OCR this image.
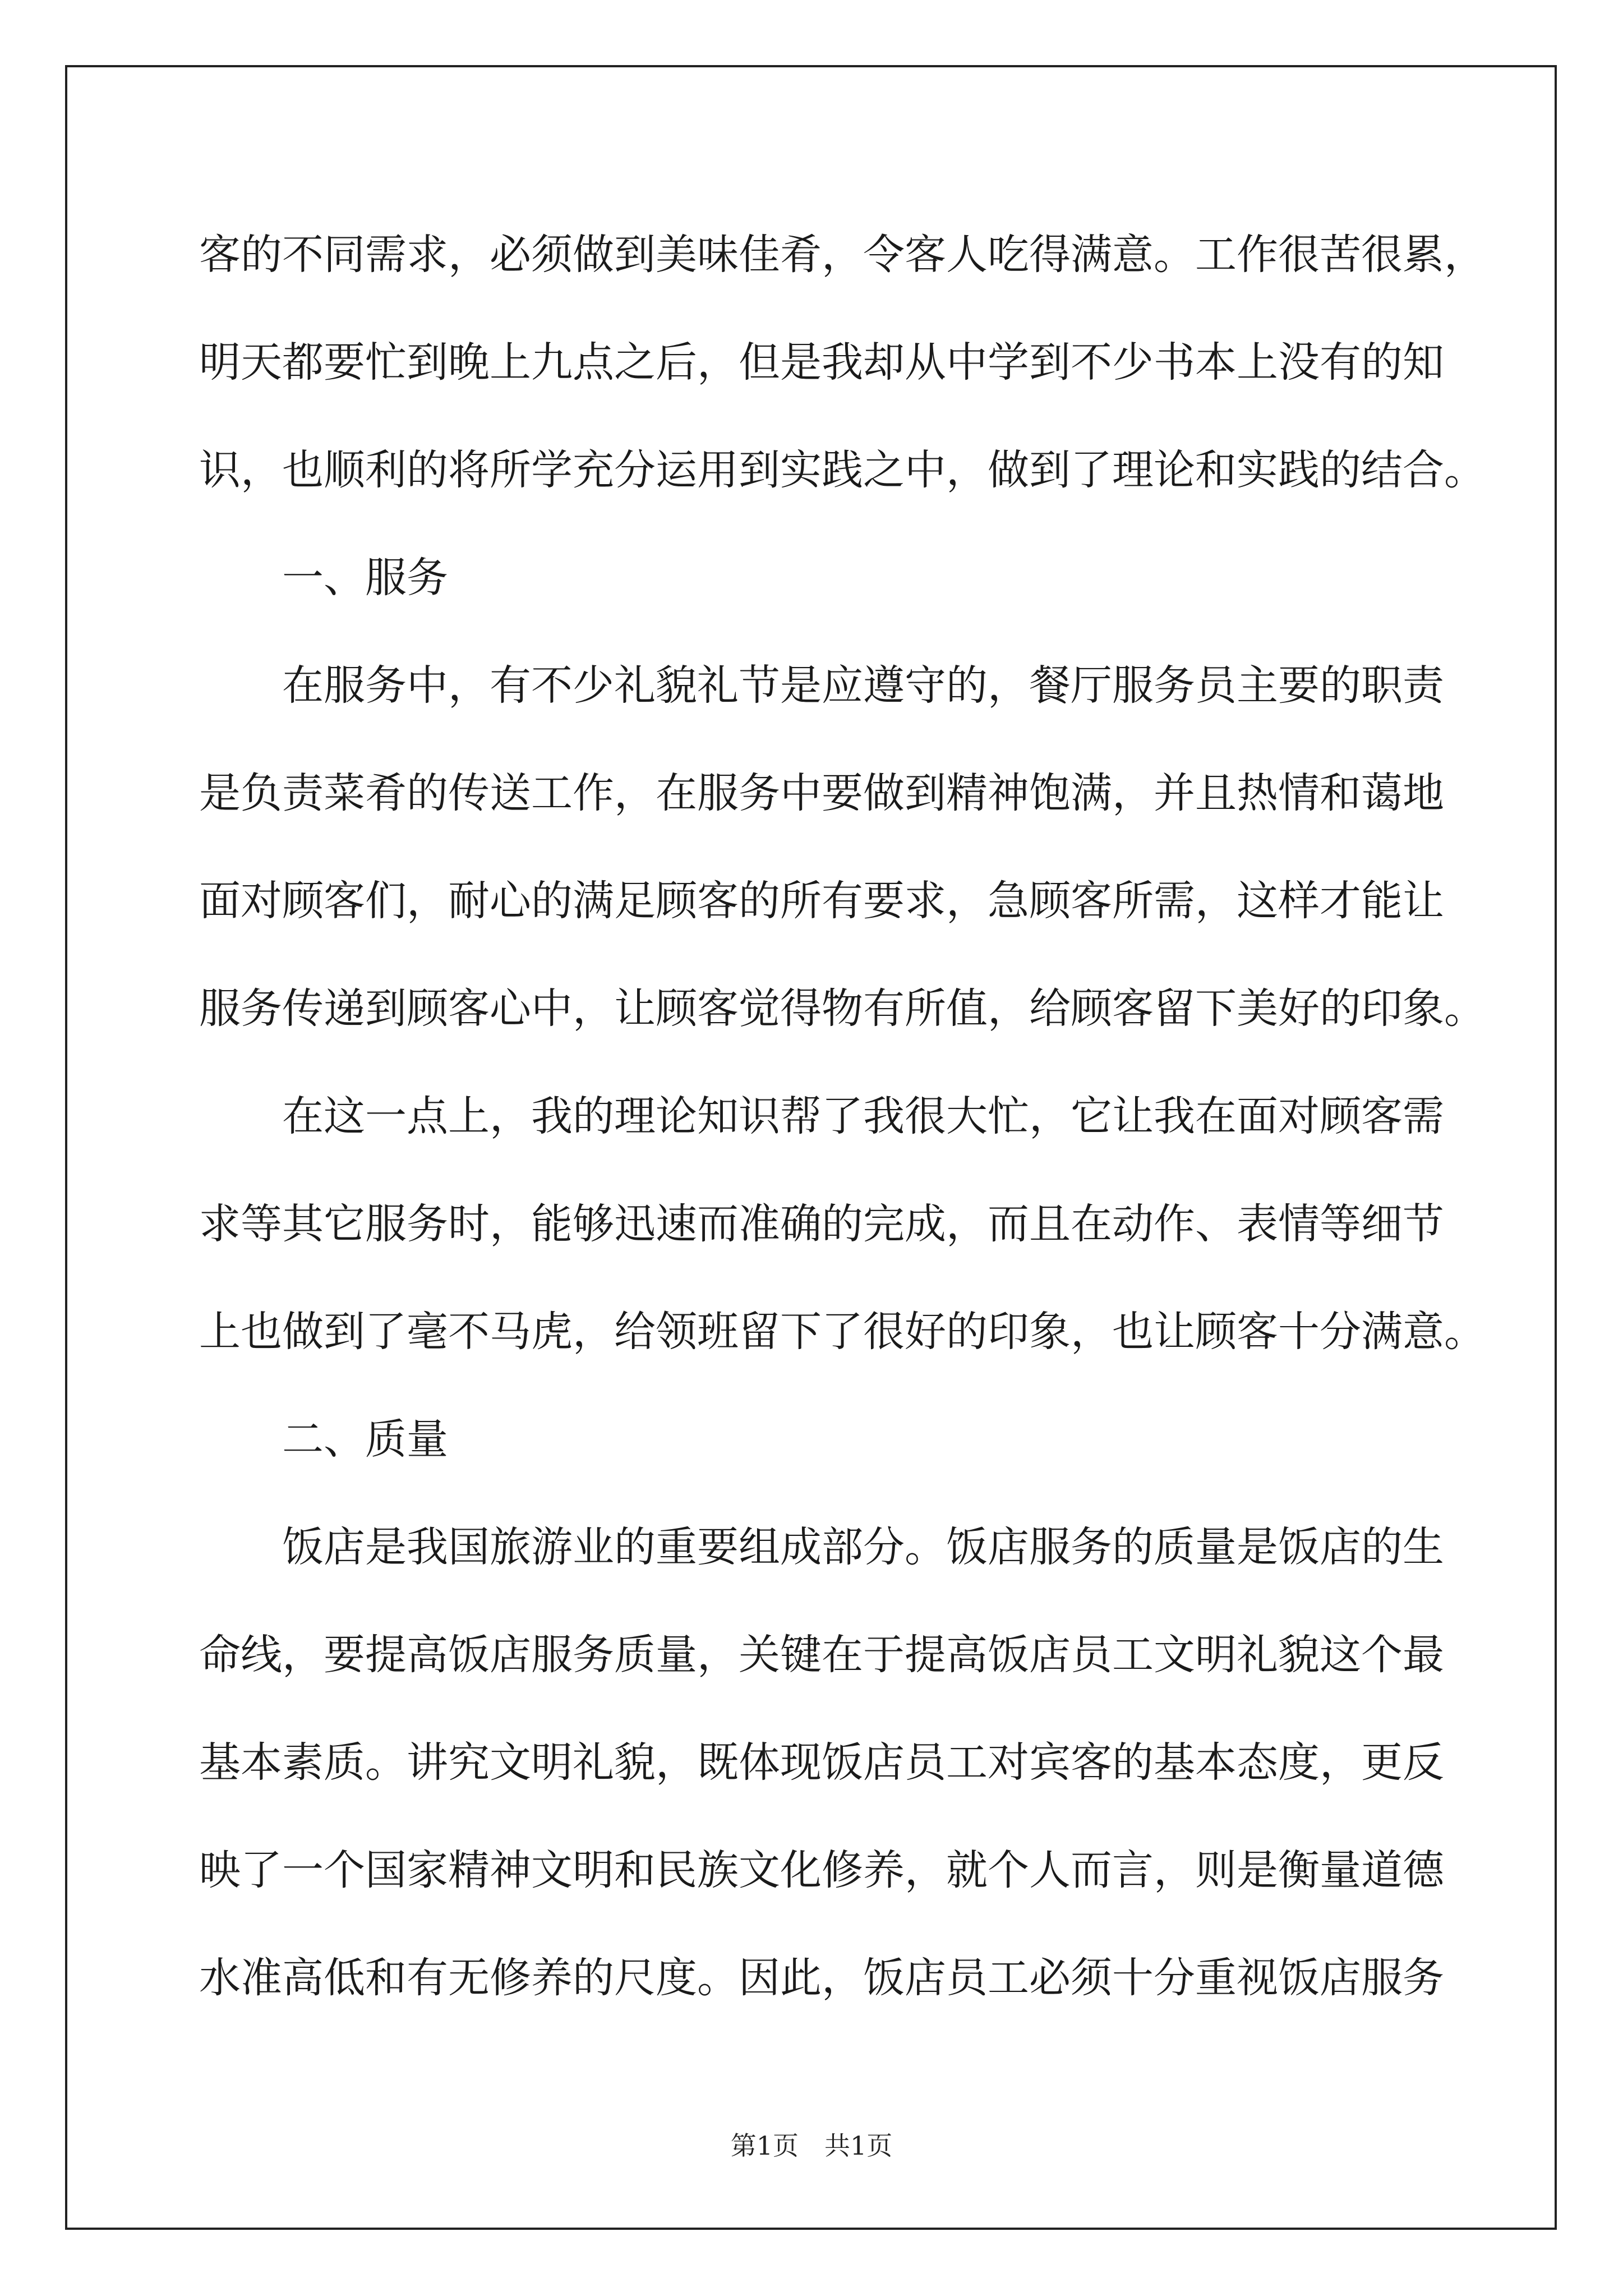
客的不同需求，必须做到美味佳肴，令客人吃得满意。工作很苦很累，
明天都要忙到晚上九点之后，但是我却从中学到不少书本上没有的知
识，也顺利的将所学充分运用到实践之中，做到了理论和实践的结合。
　　一、服务
　　在服务中，有不少礼貌礼节是应遵守的，餐厅服务员主要的职责
是负责菜肴的传送工作，在服务中要做到精神饱满，并且热情和蔼地
面对顾客们，耐心的满足顾客的所有要求，急顾客所需，这样才能让
服务传递到顾客心中，让顾客觉得物有所值，给顾客留下美好的印象。
　　在这一点上，我的理论知识帮了我很大忙，它让我在面对顾客需
求等其它服务时，能够迅速而准确的完成，而且在动作、表情等细节
上也做到了毫不马虎，给领班留下了很好的印象，也让顾客十分满意。
　　二、质量
　　饭店是我国旅游业的重要组成部分。饭店服务的质量是饭店的生
命线，要提高饭店服务质量，关键在于提高饭店员工文明礼貌这个最
基本素质。讲究文明礼貌，既体现饭店员工对宾客的基本态度，更反
映了一个国家精神文明和民族文化修养，就个人而言，则是衡量道德
水准高低和有无修养的尺度。因此，饭店员工必须十分重视饭店服务
第1页　共1页
